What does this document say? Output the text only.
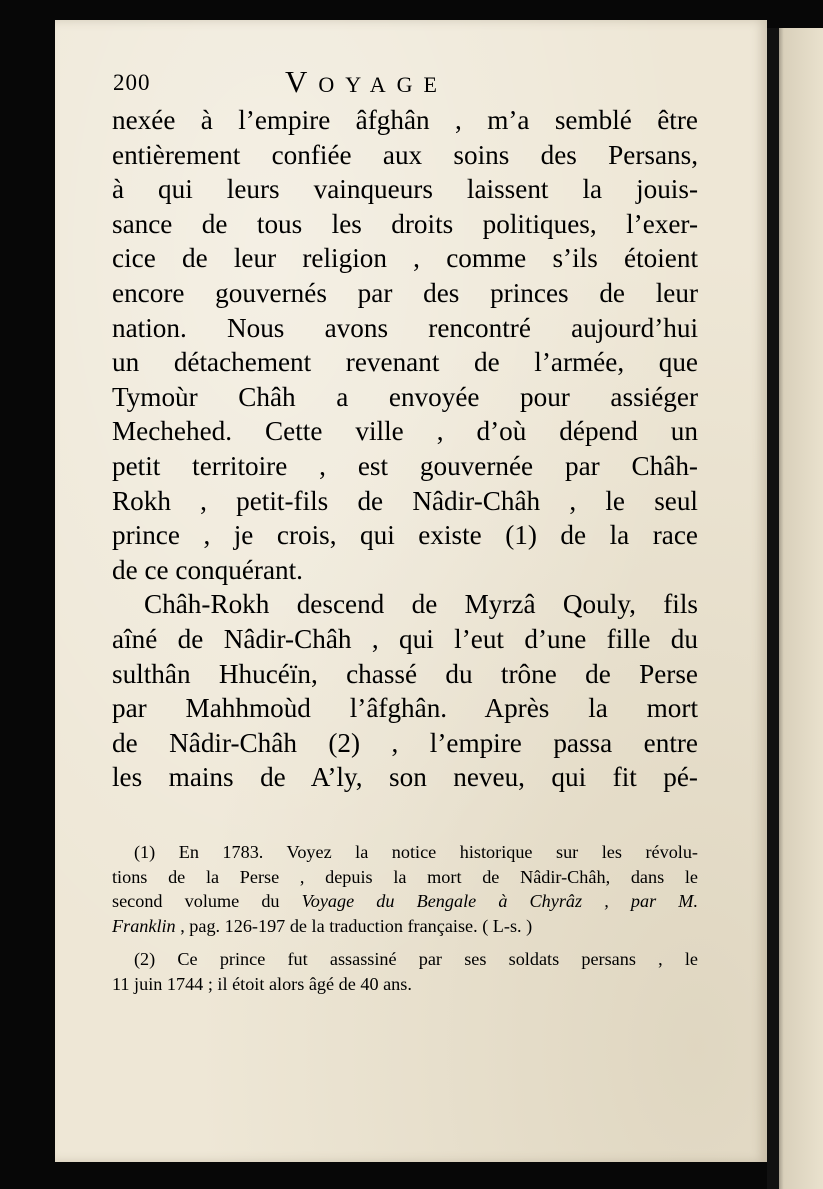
200	Voyage
nexée à l’empire âfghân , m’a semblé être
entièrement confiée aux soins des Persans,
à qui leurs vainqueurs laissent la jouis-
sance de tous les droits politiques, l’exer-
cice de leur religion , comme s’ils étoient
encore gouvernés par des princes de leur
nation. Nous avons rencontré aujourd’hui
un détachement revenant de l’armée, que
Tymoùr Châh a envoyée pour assiéger
Mechehed. Cette ville , d’où dépend un
petit territoire , est gouvernée par Châh-
Rokh , petit-fils de Nâdir-Châh , le seul
prince , je crois, qui existe (1) de la race
de ce conquérant.
Châh-Rokh descend de Myrzâ Qouly, fils
aîné de Nâdir-Châh , qui l’eut d’une fille du
sulthân Hhucéïn, chassé du trône de Perse
par Mahhmoùd l’âfghân. Après la mort
de Nâdir-Châh (2) , l’empire passa entre
les mains de A’ly, son neveu, qui fit pé-
(1) En 1783. Voyez la notice historique sur les révolu-
tions de la Perse , depuis la mort de Nâdir-Châh, dans le
second volume du Voyage du Bengale à Chyrâz , par M.
Franklin , pag. 126-197 de la traduction française. ( L-s. )
(2) Ce prince fut assassiné par ses soldats persans , le
11 juin 1744 ; il étoit alors âgé de 40 ans.
